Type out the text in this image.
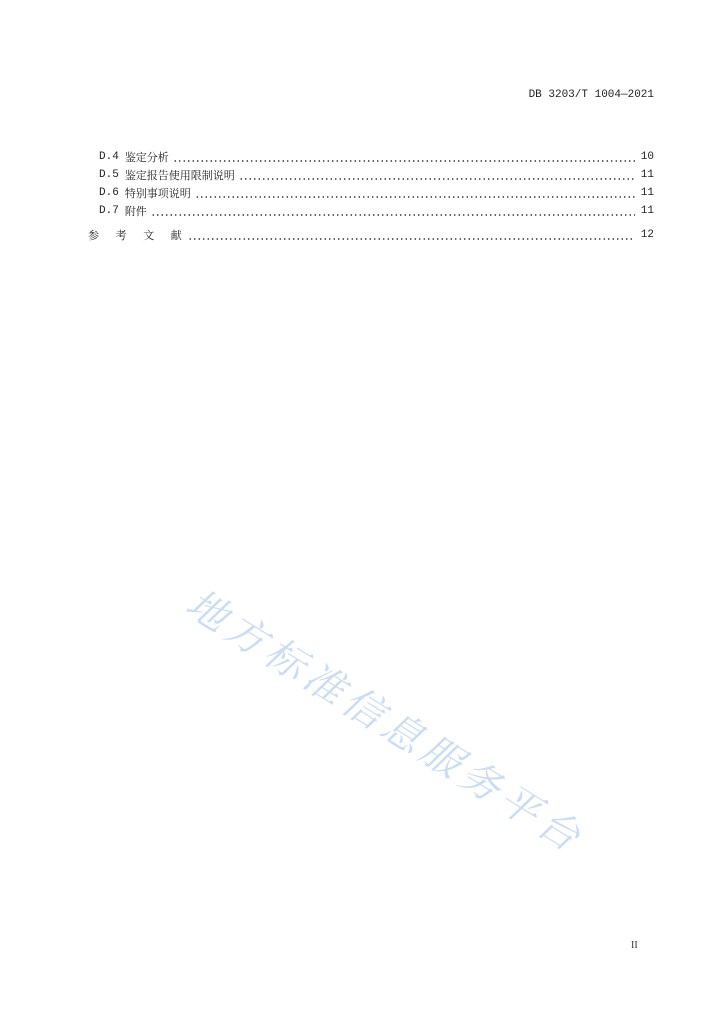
DB 3203/T 1004—2021
D.4 鉴定分析	10
D.5 鉴定报告使用限制说明	11
D.6 特别事项说明	11
D.7 附件	11
参 考 文 献	12
地方标准信息服务平台
II
